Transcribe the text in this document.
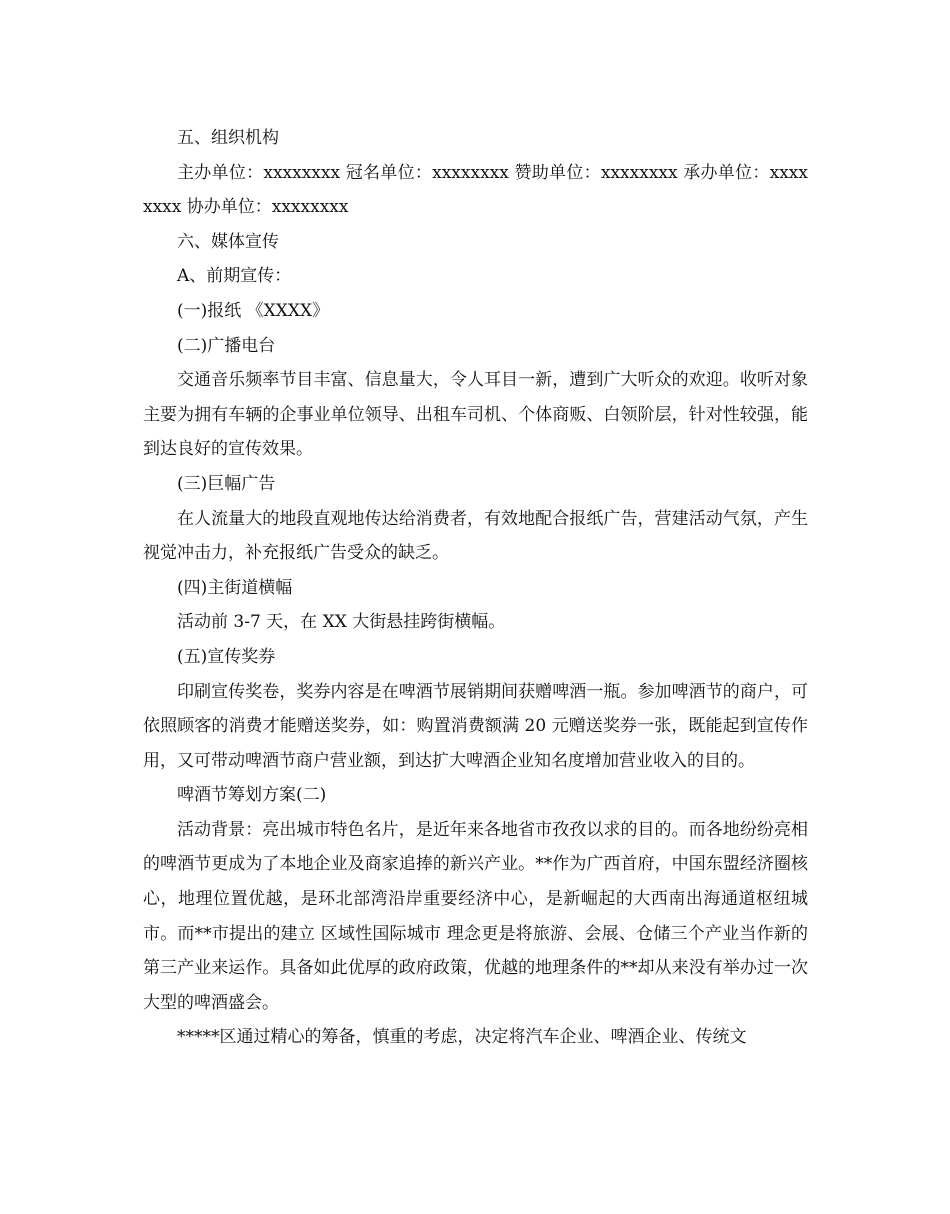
五、组织机构

主办单位：xxxxxxxx 冠名单位：xxxxxxxx 赞助单位：xxxxxxxx 承办单位：xxxxxxxx 协办单位：xxxxxxxx

六、媒体宣传

A、前期宣传：

(一)报纸 《XXXX》

(二)广播电台

交通音乐频率节目丰富、信息量大，令人耳目一新，遭到广大听众的欢迎。收听对象主要为拥有车辆的企事业单位领导、出租车司机、个体商贩、白领阶层，针对性较强，能到达良好的宣传效果。

(三)巨幅广告

在人流量大的地段直观地传达给消费者，有效地配合报纸广告，营建活动气氛，产生视觉冲击力，补充报纸广告受众的缺乏。

(四)主街道横幅

活动前 3-7 天，在 XX 大街悬挂跨街横幅。

(五)宣传奖券

印刷宣传奖卷，奖券内容是在啤酒节展销期间获赠啤酒一瓶。参加啤酒节的商户，可依照顾客的消费才能赠送奖券，如：购置消费额满 20 元赠送奖券一张，既能起到宣传作用，又可带动啤酒节商户营业额，到达扩大啤酒企业知名度增加营业收入的目的。

啤酒节筹划方案(二)

活动背景：亮出城市特色名片，是近年来各地省市孜孜以求的目的。而各地纷纷亮相的啤酒节更成为了本地企业及商家追捧的新兴产业。**作为广西首府，中国东盟经济圈核心，地理位置优越，是环北部湾沿岸重要经济中心，是新崛起的大西南出海通道枢纽城市。而**市提出的建立 区域性国际城市 理念更是将旅游、会展、仓储三个产业当作新的第三产业来运作。具备如此优厚的政府政策，优越的地理条件的**却从来没有举办过一次大型的啤酒盛会。

*****区通过精心的筹备，慎重的考虑，决定将汽车企业、啤酒企业、传统文
